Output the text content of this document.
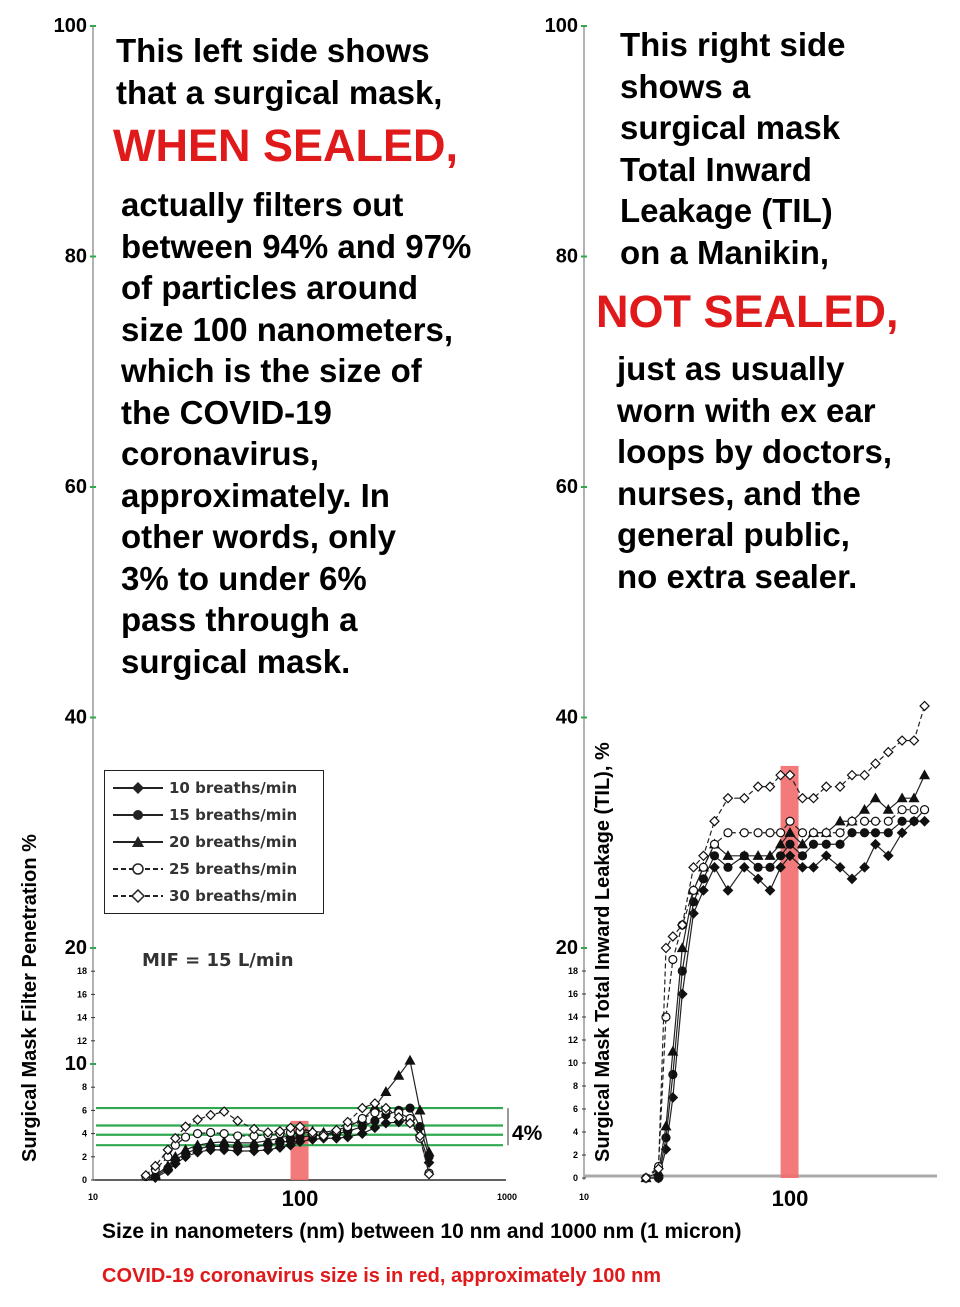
100
80
60
40
20
10
18
16
14
12
8
6
4
2
0
10	100	1000
4%
Surgical Mask Filter Penetration %
100
80
60
40
20
18
16
14
12
10
8
6
4
2
0
10	100
Surgical Mask Total Inward Leakage (TIL), %
This left side shows
that a surgical mask,
WHEN SEALED,
actually filters out
between 94% and 97%
of particles around
size 100 nanometers,
which is the size of
the COVID-19
coronavirus,
approximately. In
other words, only
3% to under 6%
pass through a
surgical mask.
This right side
shows a
surgical mask
Total Inward
Leakage (TIL)
on a Manikin,
NOT SEALED,
just as usually
worn with ex ear
loops by doctors,
nurses, and the
general public,
no extra sealer.
10 breaths/min
15 breaths/min
20 breaths/min
25 breaths/min
30 breaths/min
MIF = 15 L/min
Size in nanometers (nm) between 10 nm and 1000 nm (1 micron)
COVID-19 coronavirus size is in red, approximately 100 nm
